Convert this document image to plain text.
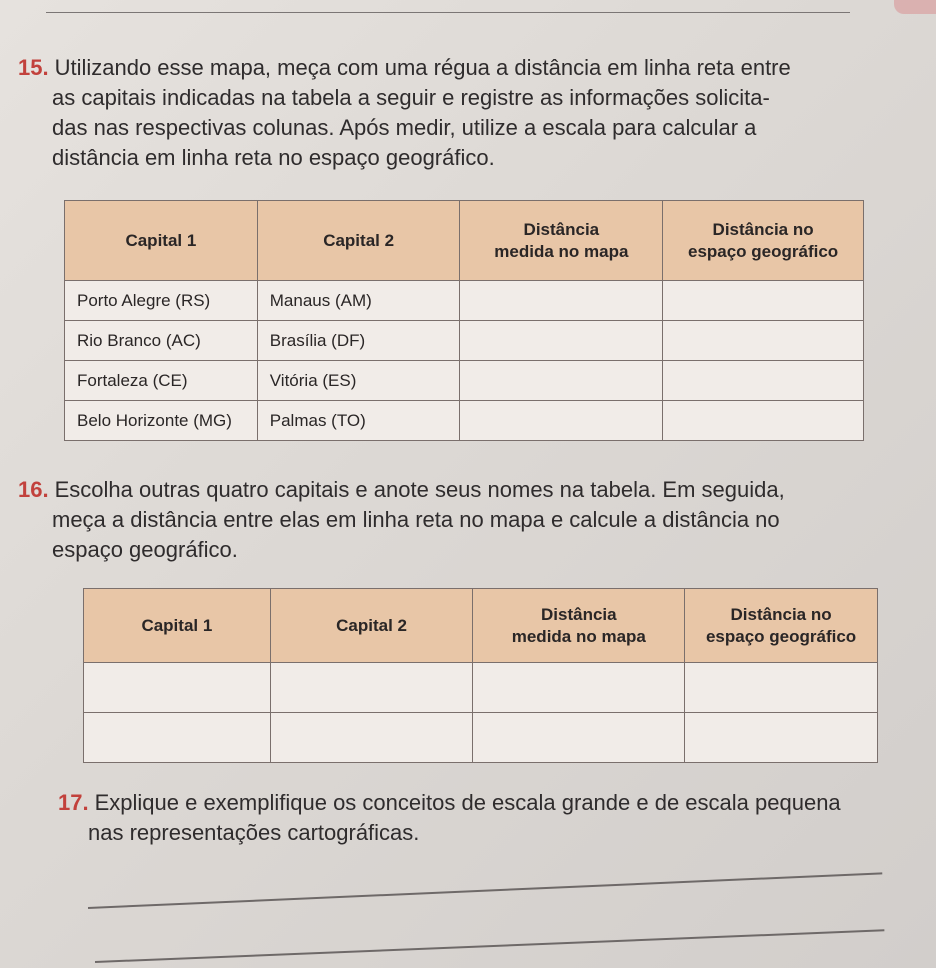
15. Utilizando esse mapa, meça com uma régua a distância em linha reta entre
as capitais indicadas na tabela a seguir e registre as informações solicita-
das nas respectivas colunas. Após medir, utilize a escala para calcular a
distância em linha reta no espaço geográfico.
Capital 1	Capital 2	Distância
medida no mapa	Distância no
espaço geográfico
Porto Alegre (RS)	Manaus (AM)		
Rio Branco (AC)	Brasília (DF)		
Fortaleza (CE)	Vitória (ES)		
Belo Horizonte (MG)	Palmas (TO)		
16. Escolha outras quatro capitais e anote seus nomes na tabela. Em seguida,
meça a distância entre elas em linha reta no mapa e calcule a distância no
espaço geográfico.
Capital 1	Capital 2	Distância
medida no mapa	Distância no
espaço geográfico

17. Explique e exemplifique os conceitos de escala grande e de escala pequena
nas representações cartográficas.
